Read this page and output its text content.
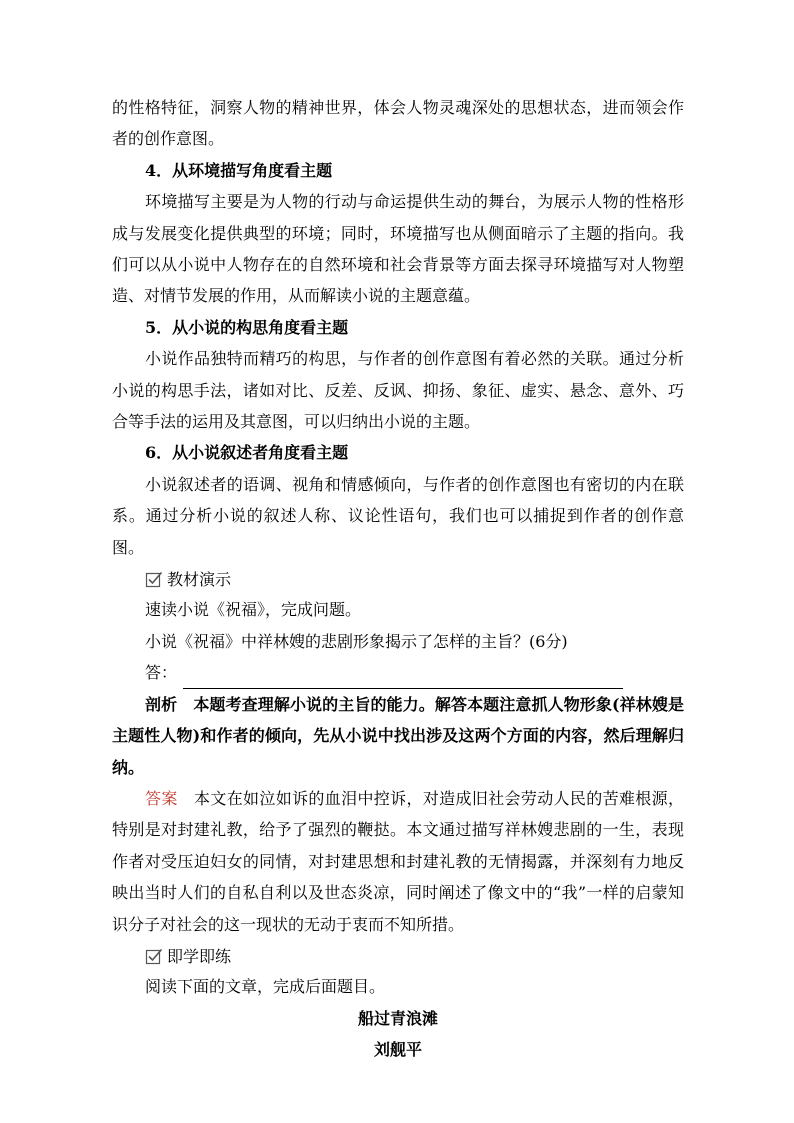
的性格特征，洞察人物的精神世界，体会人物灵魂深处的思想状态，进而领会作者的创作意图。

4．从环境描写角度看主题

环境描写主要是为人物的行动与命运提供生动的舞台，为展示人物的性格形成与发展变化提供典型的环境；同时，环境描写也从侧面暗示了主题的指向。我们可以从小说中人物存在的自然环境和社会背景等方面去探寻环境描写对人物塑造、对情节发展的作用，从而解读小说的主题意蕴。

5．从小说的构思角度看主题

小说作品独特而精巧的构思，与作者的创作意图有着必然的关联。通过分析小说的构思手法，诸如对比、反差、反讽、抑扬、象征、虚实、悬念、意外、巧合等手法的运用及其意图，可以归纳出小说的主题。

6．从小说叙述者角度看主题

小说叙述者的语调、视角和情感倾向，与作者的创作意图也有密切的内在联系。通过分析小说的叙述人称、议论性语句，我们也可以捕捉到作者的创作意图。

教材演示

速读小说《祝福》，完成问题。

小说《祝福》中祥林嫂的悲剧形象揭示了怎样的主旨？(6分)

答：

剖析　 本题考查理解小说的主旨的能力。解答本题注意抓人物形象(祥林嫂是主题性人物)和作者的倾向，先从小说中找出涉及这两个方面的内容，然后理解归纳。

答案　 本文在如泣如诉的血泪中控诉，对造成旧社会劳动人民的苦难根源，特别是对封建礼教，给予了强烈的鞭挞。本文通过描写祥林嫂悲剧的一生，表现作者对受压迫妇女的同情，对封建思想和封建礼教的无情揭露，并深刻有力地反映出当时人们的自私自利以及世态炎凉，同时阐述了像文中的“我”一样的启蒙知识分子对社会的这一现状的无动于衷而不知所措。

即学即练

阅读下面的文章，完成后面题目。

船过青浪滩

刘舰平
